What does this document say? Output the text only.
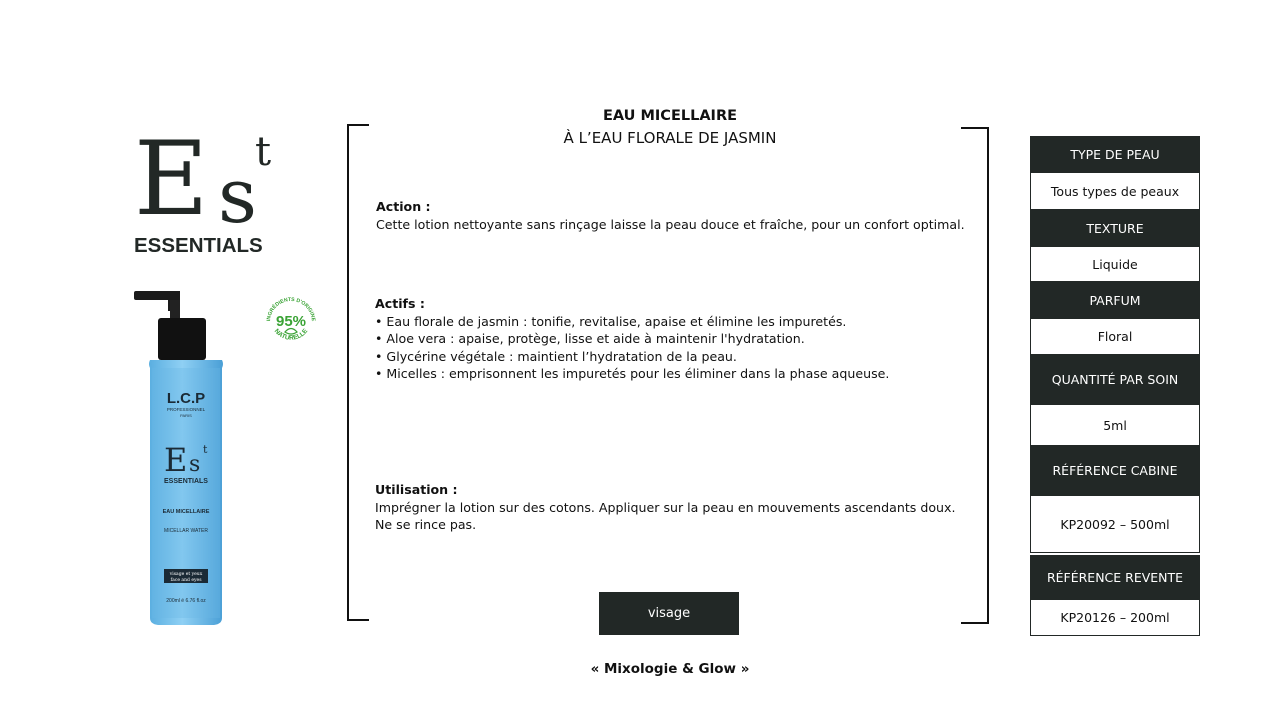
E s
t
ESSENTIALS
L.C.P
PROFESSIONNEL
PARIS
E s
t
ESSENTIALS
EAU MICELLAIRE
MICELLAR WATER
visage et yeux
face and eyes
200ml é 6.76 fl.oz
INGRÉDIENTS D'ORIGINE
95%
NATURELLE
EAU MICELLAIRE
À L’EAU FLORALE DE JASMIN
Action :
Cette lotion nettoyante sans rinçage laisse la peau douce et fraîche, pour un confort optimal.
Actifs :
• Eau florale de jasmin : tonifie, revitalise, apaise et élimine les impuretés.
• Aloe vera : apaise, protège, lisse et aide à maintenir l'hydratation.
• Glycérine végétale : maintient l’hydratation de la peau.
• Micelles : emprisonnent les impuretés pour les éliminer dans la phase aqueuse.
Utilisation :
Imprégner la lotion sur des cotons. Appliquer sur la peau en mouvements ascendants doux. Ne se rince pas.
visage
« Mixologie & Glow »
TYPE DE PEAU
Tous types de peaux
TEXTURE
Liquide
PARFUM
Floral
QUANTITÉ PAR SOIN
5ml
RÉFÉRENCE CABINE
KP20092 – 500ml
RÉFÉRENCE REVENTE
KP20126 – 200ml
